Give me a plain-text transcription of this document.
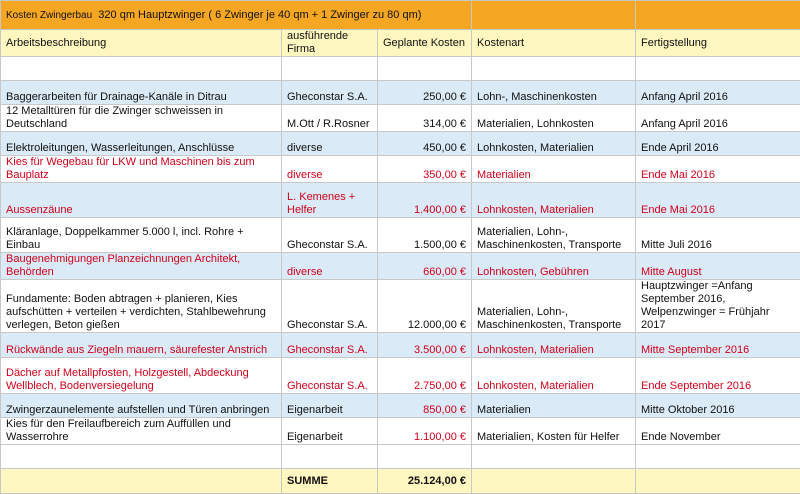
Kosten Zwingerbau 320 qm Hauptzwinger ( 6 Zwinger je 40 qm + 1 Zwinger zu 80 qm)				
Arbeitsbeschreibung	ausführende Firma	Geplante Kosten	Kostenart	Fertigstellung

Baggerarbeiten für Drainage-Kanäle in Ditrau	Gheconstar S.A.	250,00 €	Lohn-, Maschinenkosten	Anfang April 2016
12 Metalltüren für die Zwinger schweissen in Deutschland	M.Ott / R.Rosner	314,00 €	Materialien, Lohnkosten	Anfang April 2016
Elektroleitungen, Wasserleitungen, Anschlüsse	diverse	450,00 €	Lohnkosten, Materialien	Ende April 2016
Kies für Wegebau für LKW und Maschinen bis zum Bauplatz	diverse	350,00 €	Materialien	Ende Mai 2016
Aussenzäune	L. Kemenes + Helfer	1.400,00 €	Lohnkosten, Materialien	Ende Mai 2016
Kläranlage, Doppelkammer 5.000 l, incl. Rohre + Einbau	Gheconstar S.A.	1.500,00 €	Materialien, Lohn-, Maschinenkosten, Transporte	Mitte Juli 2016
Baugenehmigungen Planzeichnungen Architekt, Behörden	diverse	660,00 €	Lohnkosten, Gebühren	Mitte August
Fundamente: Boden abtragen + planieren, Kies aufschütten + verteilen + verdichten, Stahlbewehrung verlegen, Beton gießen	Gheconstar S.A.	12.000,00 €	Materialien, Lohn-, Maschinenkosten, Transporte	Hauptzwinger =Anfang September 2016, Welpenzwinger = Frühjahr 2017
Rückwände aus Ziegeln mauern, säurefester Anstrich	Gheconstar S.A.	3.500,00 €	Lohnkosten, Materialien	Mitte September 2016
Dächer auf Metallpfosten, Holzgestell, Abdeckung Wellblech, Bodenversiegelung	Gheconstar S.A.	2.750,00 €	Lohnkosten, Materialien	Ende September 2016
Zwingerzaunelemente aufstellen und Türen anbringen	Eigenarbeit	850,00 €	Materialien	Mitte Oktober 2016
Kies für den Freilaufbereich zum Auffüllen und Wasserrohre	Eigenarbeit	1.100,00 €	Materialien, Kosten für Helfer	Ende November

	SUMME	25.124,00 €		
